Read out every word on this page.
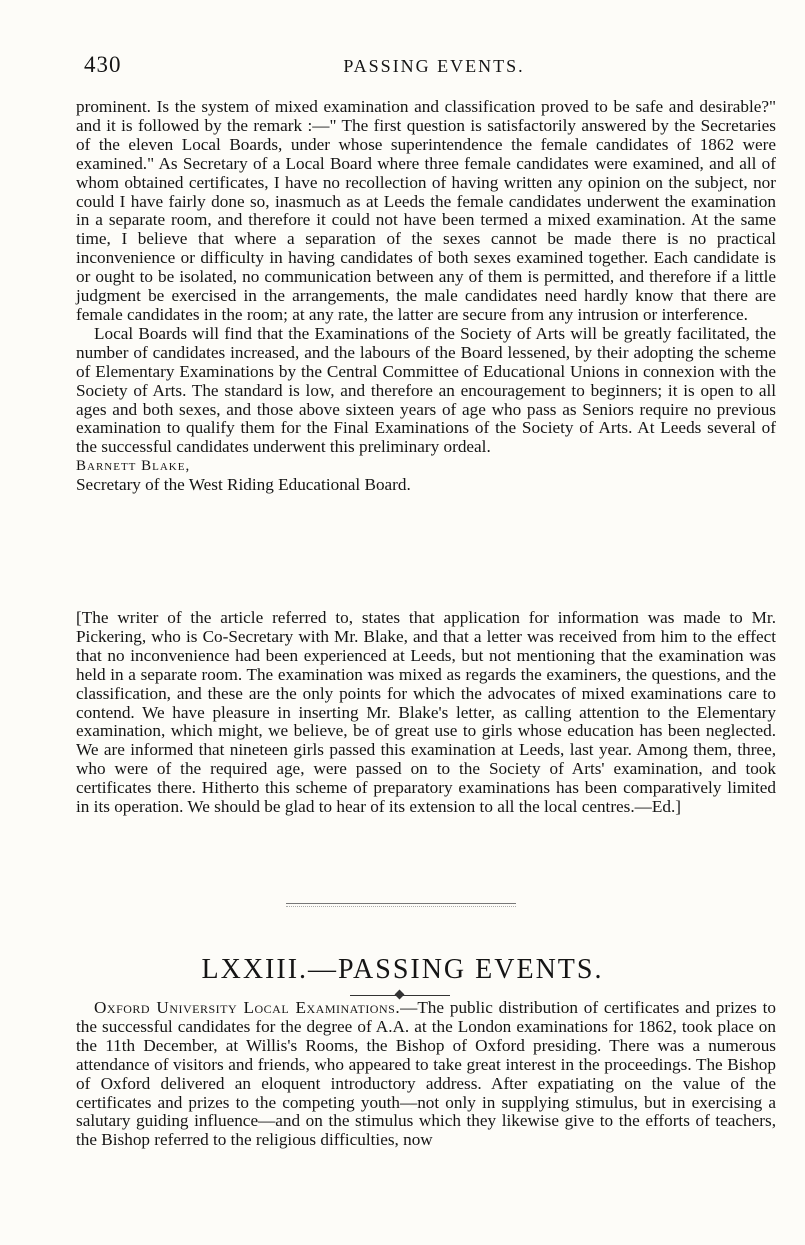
430	PASSING EVENTS.

prominent. Is the system of mixed examination and classification proved to be safe and desirable?" and it is followed by the remark :—" The first question is satisfactorily answered by the Secretaries of the eleven Local Boards, under whose superintendence the female candidates of 1862 were examined." As Secretary of a Local Board where three female candidates were examined, and all of whom obtained certificates, I have no recollection of having written any opinion on the subject, nor could I have fairly done so, inasmuch as at Leeds the female candidates underwent the examination in a separate room, and therefore it could not have been termed a mixed examination. At the same time, I believe that where a separation of the sexes cannot be made there is no practical inconvenience or difficulty in having candidates of both sexes examined together. Each candidate is or ought to be isolated, no communication between any of them is permitted, and therefore if a little judgment be exercised in the arrangements, the male candidates need hardly know that there are female candidates in the room; at any rate, the latter are secure from any intrusion or interference.

Local Boards will find that the Examinations of the Society of Arts will be greatly facilitated, the number of candidates increased, and the labours of the Board lessened, by their adopting the scheme of Elementary Examinations by the Central Committee of Educational Unions in connexion with the Society of Arts. The standard is low, and therefore an encouragement to beginners; it is open to all ages and both sexes, and those above sixteen years of age who pass as Seniors require no previous examination to qualify them for the Final Examinations of the Society of Arts. At Leeds several of the successful candidates underwent this preliminary ordeal.

Barnett Blake,

Secretary of the West Riding Educational Board.

[The writer of the article referred to, states that application for information was made to Mr. Pickering, who is Co-Secretary with Mr. Blake, and that a letter was received from him to the effect that no inconvenience had been experienced at Leeds, but not mentioning that the examination was held in a separate room. The examination was mixed as regards the examiners, the questions, and the classification, and these are the only points for which the advocates of mixed examinations care to contend. We have pleasure in inserting Mr. Blake's letter, as calling attention to the Elementary examination, which might, we believe, be of great use to girls whose education has been neglected. We are informed that nineteen girls passed this examination at Leeds, last year. Among them, three, who were of the required age, were passed on to the Society of Arts' examination, and took certificates there. Hitherto this scheme of preparatory examinations has been comparatively limited in its operation. We should be glad to hear of its extension to all the local centres.—Ed.]

LXXIII.—PASSING EVENTS.

Oxford University Local Examinations.—The public distribution of certificates and prizes to the successful candidates for the degree of A.A. at the London examinations for 1862, took place on the 11th December, at Willis's Rooms, the Bishop of Oxford presiding. There was a numerous attendance of visitors and friends, who appeared to take great interest in the proceedings. The Bishop of Oxford delivered an eloquent introductory address. After expatiating on the value of the certificates and prizes to the competing youth—not only in supplying stimulus, but in exercising a salutary guiding influence—and on the stimulus which they likewise give to the efforts of teachers, the Bishop referred to the religious difficulties, now
